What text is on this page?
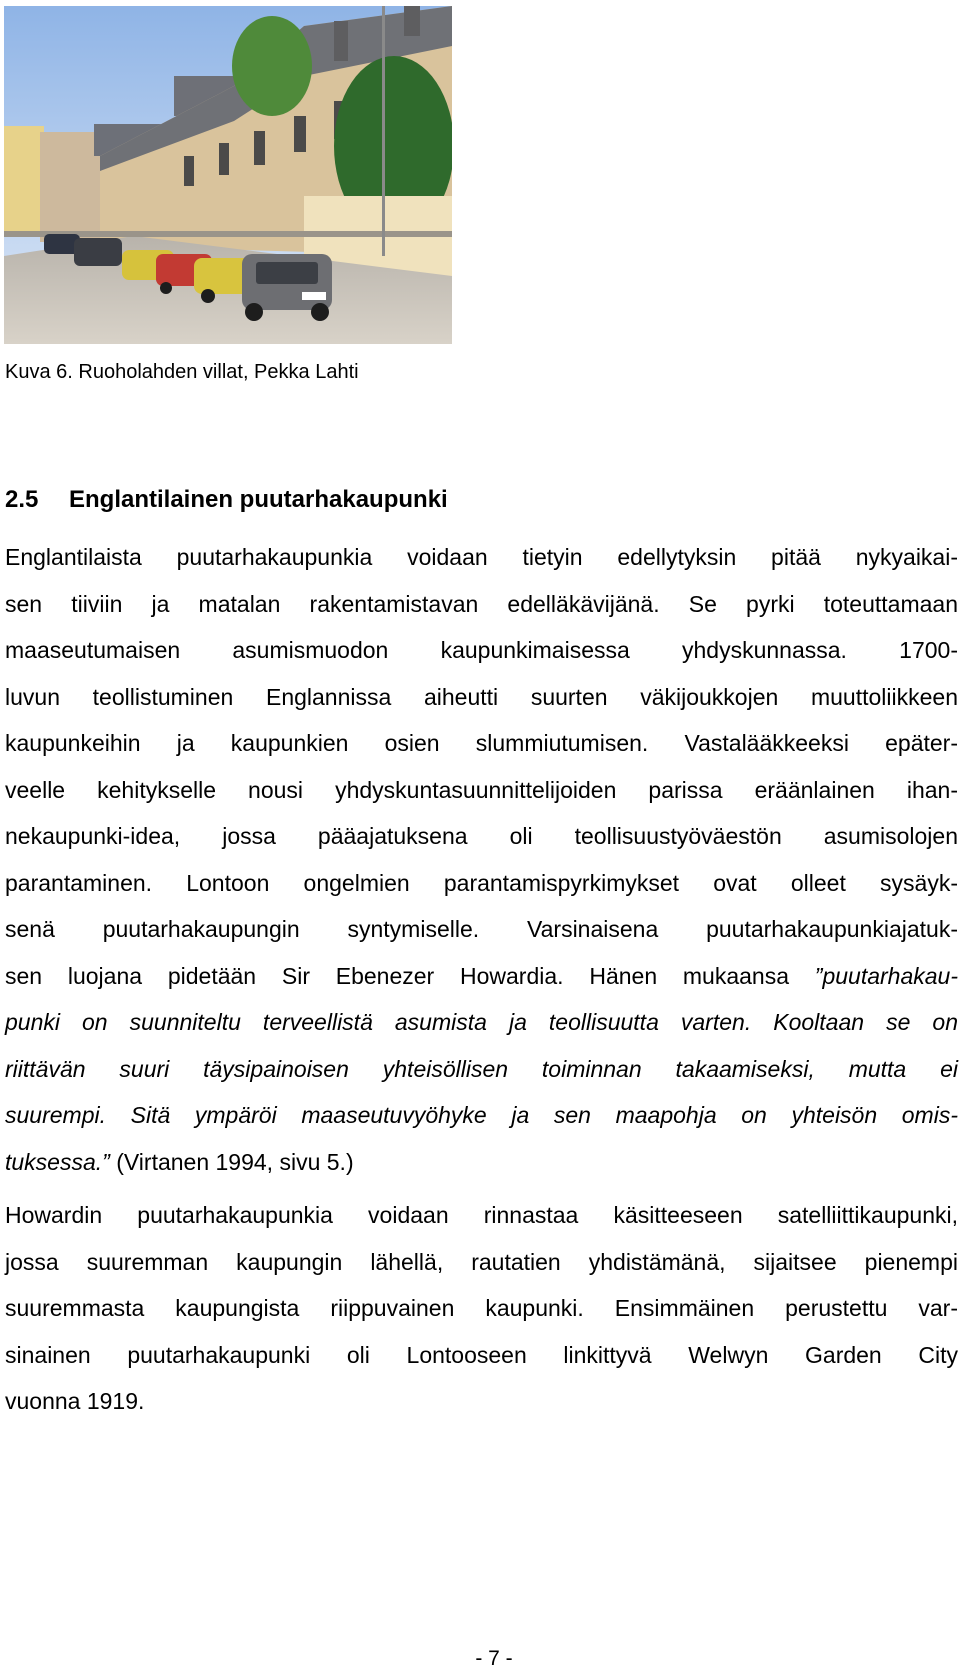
Kuva 6. Ruoholahden villat, Pekka Lahti
2.5 Englantilainen puutarhakaupunki
Englantilaista puutarhakaupunkia voidaan tietyin edellytyksin pitää nykyaikai-
sen tiiviin ja matalan rakentamistavan edelläkävijänä. Se pyrki toteuttamaan
maaseutumaisen asumismuodon kaupunkimaisessa yhdyskunnassa. 1700-
luvun teollistuminen Englannissa aiheutti suurten väkijoukkojen muuttoliikkeen
kaupunkeihin ja kaupunkien osien slummiutumisen. Vastalääkkeeksi epäter-
veelle kehitykselle nousi yhdyskuntasuunnittelijoiden parissa eräänlainen ihan-
nekaupunki-idea, jossa pääajatuksena oli teollisuustyöväestön asumisolojen
parantaminen. Lontoon ongelmien parantamispyrkimykset ovat olleet sysäyk-
senä puutarhakaupungin syntymiselle. Varsinaisena puutarhakaupunkiajatuk-
sen luojana pidetään Sir Ebenezer Howardia. Hänen mukaansa ”puutarhakau-
punki on suunniteltu terveellistä asumista ja teollisuutta varten. Kooltaan se on
riittävän suuri täysipainoisen yhteisöllisen toiminnan takaamiseksi, mutta ei
suurempi. Sitä ympäröi maaseutuvyöhyke ja sen maapohja on yhteisön omis-
tuksessa.” (Virtanen 1994, sivu 5.)
Howardin puutarhakaupunkia voidaan rinnastaa käsitteeseen satelliittikaupunki,
jossa suuremman kaupungin lähellä, rautatien yhdistämänä, sijaitsee pienempi
suuremmasta kaupungista riippuvainen kaupunki. Ensimmäinen perustettu var-
sinainen puutarhakaupunki oli Lontooseen linkittyvä Welwyn Garden City
vuonna 1919.
- 7 -
